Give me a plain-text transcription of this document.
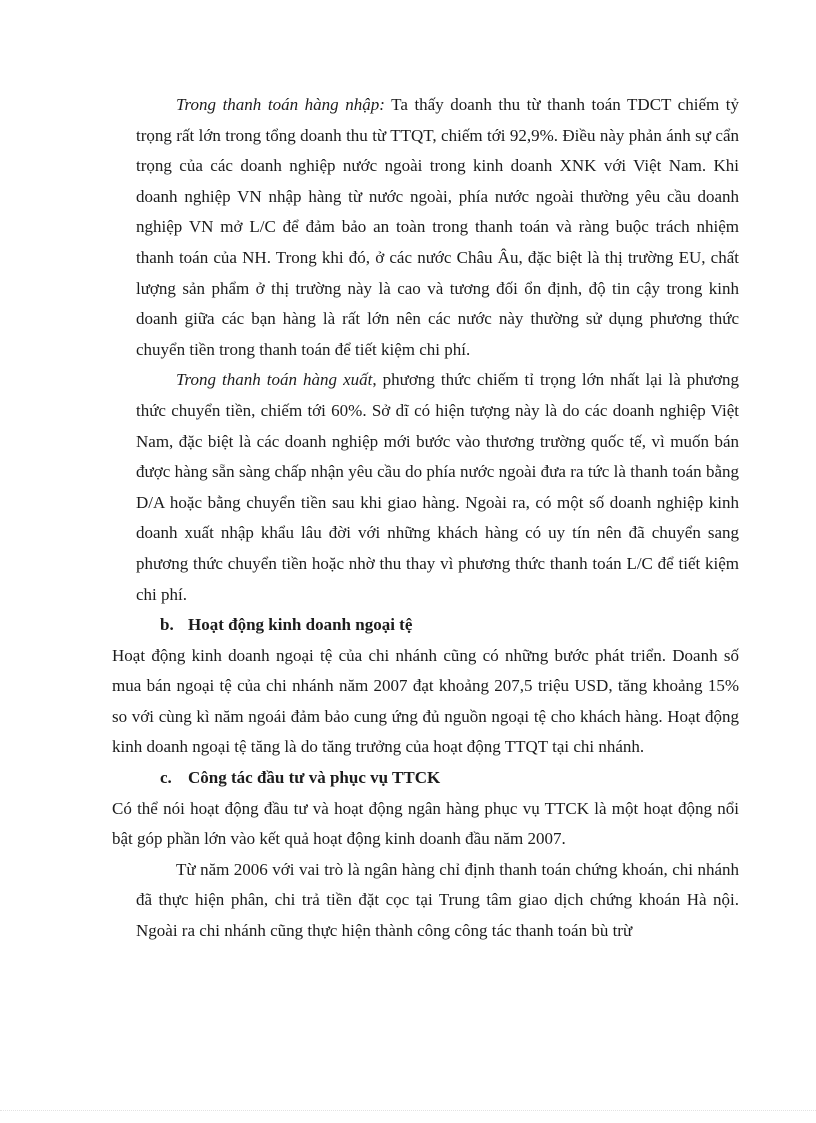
Trong thanh toán hàng nhập: Ta thấy doanh thu từ thanh toán TDCT chiếm tỷ trọng rất lớn trong tổng doanh thu từ TTQT, chiếm tới 92,9%. Điều này phản ánh sự cẩn trọng của các doanh nghiệp nước ngoài trong kinh doanh XNK với Việt Nam. Khi doanh nghiệp VN nhập hàng từ nước ngoài, phía nước ngoài thường yêu cầu doanh nghiệp VN mở L/C để đảm bảo an toàn trong thanh toán và ràng buộc trách nhiệm thanh toán của NH. Trong khi đó, ở các nước Châu Âu, đặc biệt là thị trường EU, chất lượng sản phẩm ở thị trường này là cao và tương đối ổn định, độ tin cậy trong kinh doanh giữa các bạn hàng là rất lớn nên các nước này thường sử dụng phương thức chuyển tiền trong thanh toán để tiết kiệm chi phí.

Trong thanh toán hàng xuất, phương thức chiếm tỉ trọng lớn nhất lại là phương thức chuyển tiền, chiếm tới 60%. Sở dĩ có hiện tượng này là do các doanh nghiệp Việt Nam, đặc biệt là các doanh nghiệp mới bước vào thương trường quốc tế, vì muốn bán được hàng sẵn sàng chấp nhận yêu cầu do phía nước ngoài đưa ra tức là thanh toán bằng D/A hoặc bằng chuyển tiền sau khi giao hàng. Ngoài ra, có một số doanh nghiệp kinh doanh xuất nhập khẩu lâu đời với những khách hàng có uy tín nên đã chuyển sang phương thức chuyển tiền hoặc nhờ thu thay vì phương thức thanh toán L/C để tiết kiệm chi phí.

b. Hoạt động kinh doanh ngoại tệ

Hoạt động kinh doanh ngoại tệ của chi nhánh cũng có những bước phát triển. Doanh số mua bán ngoại tệ của chi nhánh năm 2007 đạt khoảng 207,5 triệu USD, tăng khoảng 15% so với cùng kì năm ngoái đảm bảo cung ứng đủ nguồn ngoại tệ cho khách hàng. Hoạt động kinh doanh ngoại tệ tăng là do tăng trưởng của hoạt động TTQT tại chi nhánh.

c. Công tác đầu tư và phục vụ TTCK

Có thể nói hoạt động đầu tư và hoạt động ngân hàng phục vụ TTCK là một hoạt động nổi bật góp phần lớn vào kết quả hoạt động kinh doanh đầu năm 2007.

Từ năm 2006 với vai trò là ngân hàng chỉ định thanh toán chứng khoán, chi nhánh đã thực hiện phân, chi trả tiền đặt cọc tại Trung tâm giao dịch chứng khoán Hà nội. Ngoài ra chi nhánh cũng thực hiện thành công công tác thanh toán bù trừ
